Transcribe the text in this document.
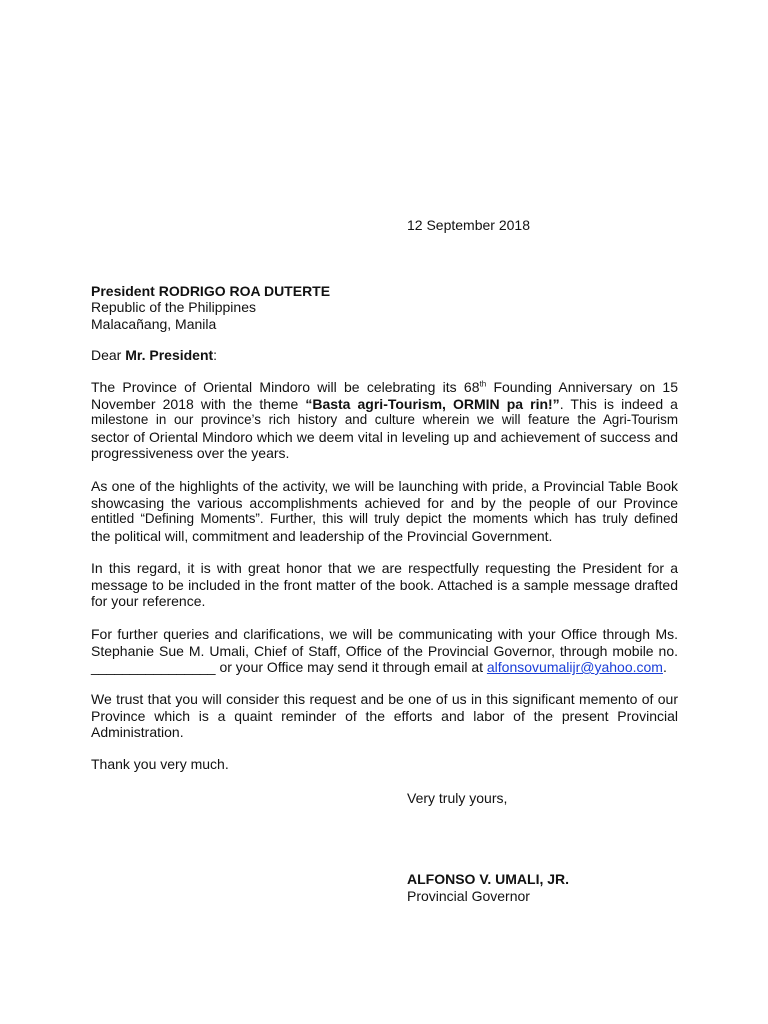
12 September 2018
President RODRIGO ROA DUTERTE
Republic of the Philippines
Malacañang, Manila
Dear Mr. President:
The Province of Oriental Mindoro will be celebrating its 68th Founding Anniversary on 15
November 2018 with the theme “Basta agri-Tourism, ORMIN pa rin!”. This is indeed a
milestone in our province’s rich history and culture wherein we will feature the Agri-Tourism
sector of Oriental Mindoro which we deem vital in leveling up and achievement of success and
progressiveness over the years.
As one of the highlights of the activity, we will be launching with pride, a Provincial Table Book
showcasing the various accomplishments achieved for and by the people of our Province
entitled “Defining Moments”. Further, this will truly depict the moments which has truly defined
the political will, commitment and leadership of the Provincial Government.
In this regard, it is with great honor that we are respectfully requesting the President for a
message to be included in the front matter of the book. Attached is a sample message drafted
for your reference.
For further queries and clarifications, we will be communicating with your Office through Ms.
Stephanie Sue M. Umali, Chief of Staff, Office of the Provincial Governor, through mobile no.
________________ or your Office may send it through email at alfonsovumalijr@yahoo.com.
We trust that you will consider this request and be one of us in this significant memento of our
Province which is a quaint reminder of the efforts and labor of the present Provincial
Administration.
Thank you very much.
Very truly yours,
ALFONSO V. UMALI, JR.
Provincial Governor
